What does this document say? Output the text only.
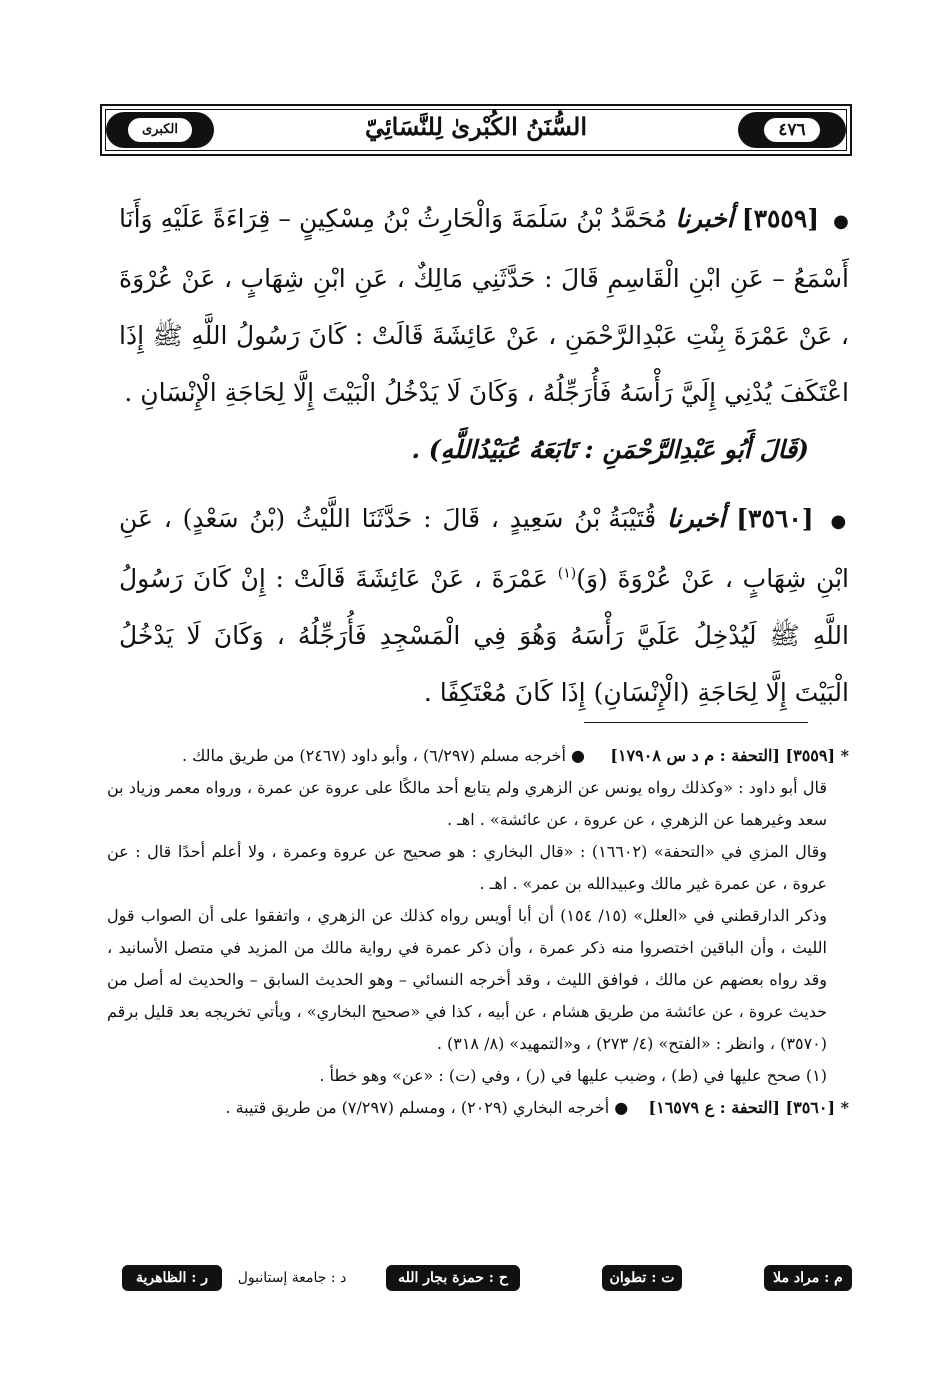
الكبرى	السُّنَنُ الكُبْرىٰ لِلنَّسَائِيّ	٤٧٦

● [٣٥٥٩] أخبرنا مُحَمَّدُ بْنُ سَلَمَةَ وَالْحَارِثُ بْنُ مِسْكِينٍ – قِرَاءَةً عَلَيْهِ وَأَنَا أَسْمَعُ – عَنِ ابْنِ الْقَاسِمِ قَالَ : حَدَّثَنِي مَالِكٌ ، عَنِ ابْنِ شِهَابٍ ، عَنْ عُرْوَةَ ، عَنْ عَمْرَةَ بِنْتِ عَبْدِالرَّحْمَنِ ، عَنْ عَائِشَةَ قَالَتْ : كَانَ رَسُولُ اللَّهِ ﷺ إِذَا اعْتَكَفَ يُدْنِي إِلَيَّ رَأْسَهُ فَأُرَجِّلُهُ ، وَكَانَ لَا يَدْخُلُ الْبَيْتَ إِلَّا لِحَاجَةِ الْإِنْسَانِ .

(قَالَ أَبُو عَبْدِالرَّحْمَنِ : تَابَعَهُ عُبَيْدُاللَّهِ) .

● [٣٥٦٠] أخبرنا قُتَيْبَةُ بْنُ سَعِيدٍ ، قَالَ : حَدَّثَنَا اللَّيْثُ (بْنُ سَعْدٍ) ، عَنِ ابْنِ شِهَابٍ ، عَنْ عُرْوَةَ (وَ)$^{(١)}$ عَمْرَةَ ، عَنْ عَائِشَةَ قَالَتْ : إِنْ كَانَ رَسُولُ اللَّهِ ﷺ لَيُدْخِلُ عَلَيَّ رَأْسَهُ وَهُوَ فِي الْمَسْجِدِ فَأُرَجِّلُهُ ، وَكَانَ لَا يَدْخُلُ الْبَيْتَ إِلَّا لِحَاجَةِ (الْإِنْسَانِ) إِذَا كَانَ مُعْتَكِفًا .

* [٣٥٥٩] [التحفة : م د س ١٧٩٠٨]     ● أخرجه مسلم (٦/٢٩٧) ، وأبو داود (٢٤٦٧) من طريق مالك .

قال أبو داود : «وكذلك رواه يونس عن الزهري ولم يتابع أحد مالكًا على عروة عن عمرة ، ورواه معمر وزياد بن سعد وغيرهما عن الزهري ، عن عروة ، عن عائشة» . اهـ .

وقال المزي في «التحفة» (١٦٦٠٢) : «قال البخاري : هو صحيح عن عروة وعمرة ، ولا أعلم أحدًا قال : عن عروة ، عن عمرة غير مالك وعبيدالله بن عمر» . اهـ .

وذكر الدارقطني في «العلل» (١٥/ ١٥٤) أن أبا أويس رواه كذلك عن الزهري ، واتفقوا على أن الصواب قول الليث ، وأن الباقين اختصروا منه ذكر عمرة ، وأن ذكر عمرة في رواية مالك من المزيد في متصل الأسانيد ، وقد رواه بعضهم عن مالك ، فوافق الليث ، وقد أخرجه النسائي – وهو الحديث السابق – والحديث له أصل من حديث عروة ، عن عائشة من طريق هشام ، عن أبيه ، كذا في «صحيح البخاري» ، ويأتي تخريجه بعد قليل برقم (٣٥٧٠) ، وانظر : «الفتح» (٤/ ٢٧٣) ، و«التمهيد» (٨/ ٣١٨) .

(١) صحح عليها في (ط) ، وضبب عليها في (ر) ، وفي (ت) : «عن» وهو خطأ .

* [٣٥٦٠] [التحفة : ع ١٦٥٧٩]    ● أخرجه البخاري (٢٠٢٩) ، ومسلم (٧/٢٩٧) من طريق قتيبة .

م : مراد ملا
ت : تطوان
ح : حمزة بجار الله
د : جامعة إستانبول
ر : الظاهرية
